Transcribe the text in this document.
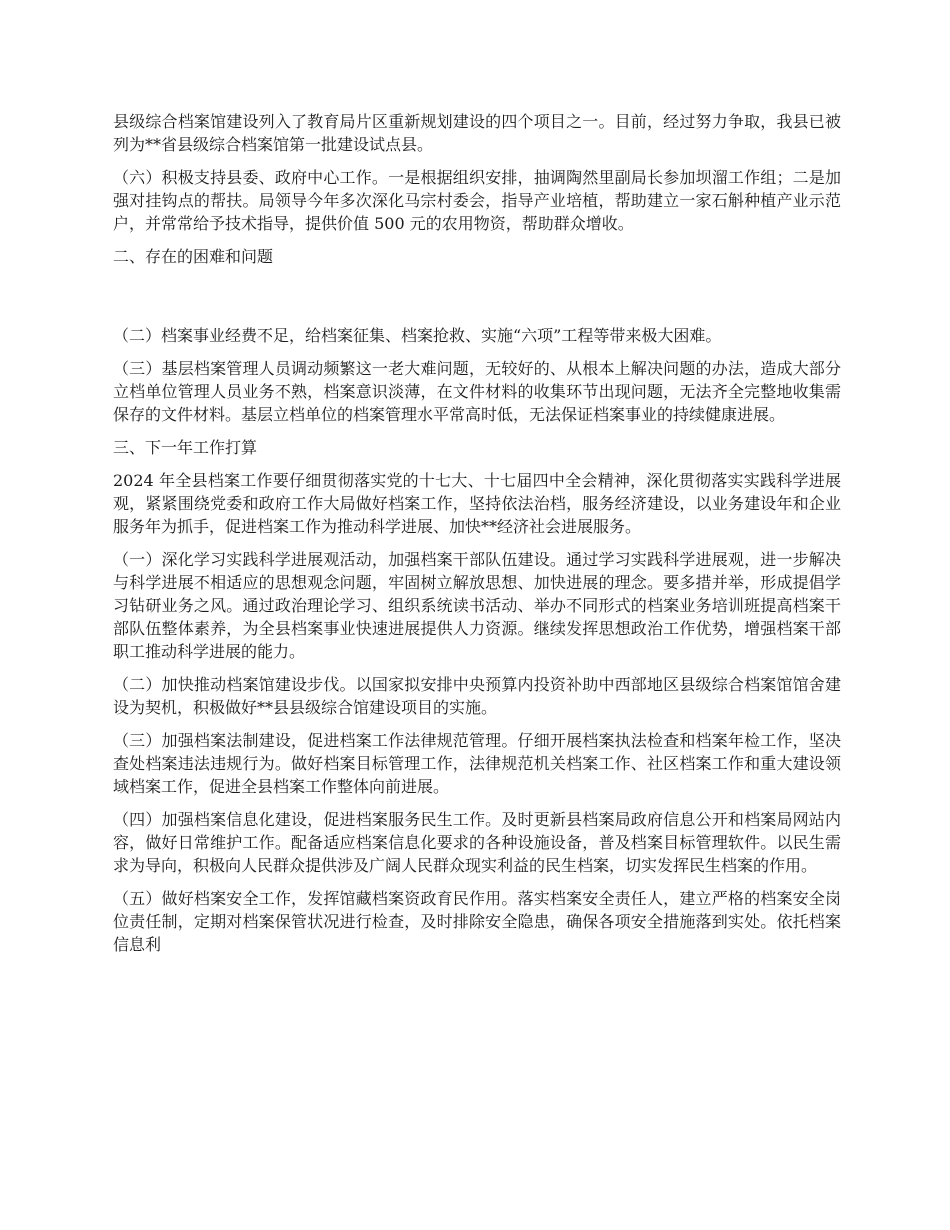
县级综合档案馆建设列入了教育局片区重新规划建设的四个项目之一。目前，经过努力争取，我县已被列为**省县级综合档案馆第一批建设试点县。

（六）积极支持县委、政府中心工作。一是根据组织安排，抽调陶然里副局长参加坝溜工作组；二是加强对挂钩点的帮扶。局领导今年多次深化马宗村委会，指导产业培植，帮助建立一家石斛种植产业示范户，并常常给予技术指导，提供价值 500 元的农用物资，帮助群众增收。

二、存在的困难和问题

（二）档案事业经费不足，给档案征集、档案抢救、实施“六项”工程等带来极大困难。

（三）基层档案管理人员调动频繁这一老大难问题，无较好的、从根本上解决问题的办法，造成大部分立档单位管理人员业务不熟，档案意识淡薄，在文件材料的收集环节出现问题，无法齐全完整地收集需保存的文件材料。基层立档单位的档案管理水平常高时低，无法保证档案事业的持续健康进展。

三、下一年工作打算

2024 年全县档案工作要仔细贯彻落实党的十七大、十七届四中全会精神，深化贯彻落实实践科学进展观，紧紧围绕党委和政府工作大局做好档案工作，坚持依法治档，服务经济建设，以业务建设年和企业服务年为抓手，促进档案工作为推动科学进展、加快**经济社会进展服务。

（一）深化学习实践科学进展观活动，加强档案干部队伍建设。通过学习实践科学进展观，进一步解决与科学进展不相适应的思想观念问题，牢固树立解放思想、加快进展的理念。要多措并举，形成提倡学习钻研业务之风。通过政治理论学习、组织系统读书活动、举办不同形式的档案业务培训班提高档案干部队伍整体素养，为全县档案事业快速进展提供人力资源。继续发挥思想政治工作优势，增强档案干部职工推动科学进展的能力。

（二）加快推动档案馆建设步伐。以国家拟安排中央预算内投资补助中西部地区县级综合档案馆馆舍建设为契机，积极做好**县县级综合馆建设项目的实施。

（三）加强档案法制建设，促进档案工作法律规范管理。仔细开展档案执法检查和档案年检工作，坚决查处档案违法违规行为。做好档案目标管理工作，法律规范机关档案工作、社区档案工作和重大建设领域档案工作，促进全县档案工作整体向前进展。

（四）加强档案信息化建设，促进档案服务民生工作。及时更新县档案局政府信息公开和档案局网站内容，做好日常维护工作。配备适应档案信息化要求的各种设施设备，普及档案目标管理软件。以民生需求为导向，积极向人民群众提供涉及广阔人民群众现实利益的民生档案，切实发挥民生档案的作用。

（五）做好档案安全工作，发挥馆藏档案资政育民作用。落实档案安全责任人，建立严格的档案安全岗位责任制，定期对档案保管状况进行检查，及时排除安全隐患，确保各项安全措施落到实处。依托档案信息利
